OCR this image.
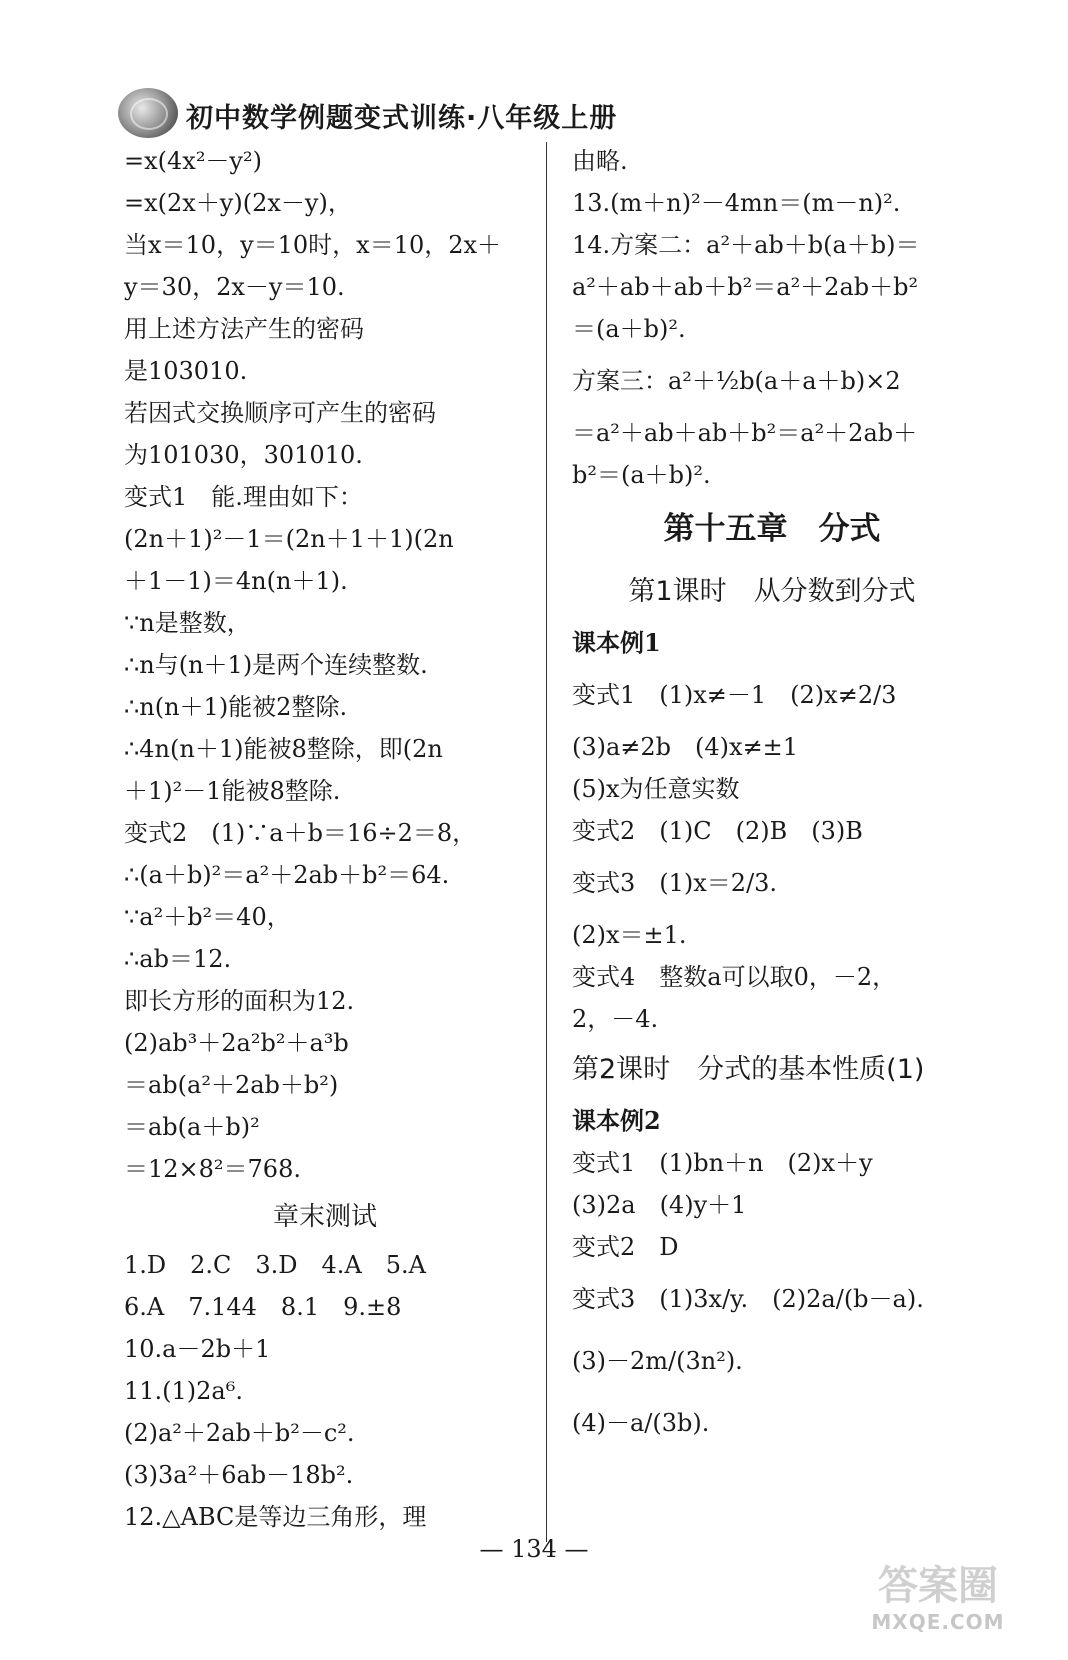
初中数学例题变式训练·八年级上册
=x(4x²－y²)
=x(2x＋y)(2x－y)，
当x＝10，y＝10时，x＝10，2x＋
y＝30，2x－y＝10.
用上述方法产生的密码
是103010.
若因式交换顺序可产生的密码
为101030，301010.
变式1　能.理由如下：
(2n＋1)²－1＝(2n＋1＋1)(2n
＋1－1)＝4n(n＋1).
∵n是整数，
∴n与(n＋1)是两个连续整数.
∴n(n＋1)能被2整除.
∴4n(n＋1)能被8整除，即(2n
＋1)²－1能被8整除.
变式2　(1)∵a＋b＝16÷2＝8，
∴(a＋b)²＝a²＋2ab＋b²＝64.
∵a²＋b²＝40，
∴ab＝12.
即长方形的面积为12.
(2)ab³＋2a²b²＋a³b
＝ab(a²＋2ab＋b²)
＝ab(a＋b)²
＝12×8²＝768.
章末测试
1.D　2.C　3.D　4.A　5.A
6.A　7.144　8.1　9.±8
10.a－2b＋1
11.(1)2a⁶.
(2)a²＋2ab＋b²－c².
(3)3a²＋6ab－18b².
12.△ABC是等边三角形，理
由略.
13.(m＋n)²－4mn＝(m－n)².
14.方案二：a²＋ab＋b(a＋b)＝
a²＋ab＋ab＋b²＝a²＋2ab＋b²
＝(a＋b)².
方案三：a²＋½b(a＋a＋b)×2
＝a²＋ab＋ab＋b²＝a²＋2ab＋
b²＝(a＋b)².
第十五章　分式
第1课时　从分数到分式
课本例1
变式1　(1)x≠－1　(2)x≠2/3
(3)a≠2b　(4)x≠±1
(5)x为任意实数
变式2　(1)C　(2)B　(3)B
变式3　(1)x＝2/3.
(2)x＝±1.
变式4　整数a可以取0，－2，
2，－4.
第2课时　分式的基本性质(1)
课本例2
变式1　(1)bn＋n　(2)x＋y
(3)2a　(4)y＋1
变式2　D
变式3　(1)3x/y.　(2)2a/(b－a).
(3)－2m/(3n²).
(4)－a/(3b).
— 134 —
答案圈
MXQE.COM
